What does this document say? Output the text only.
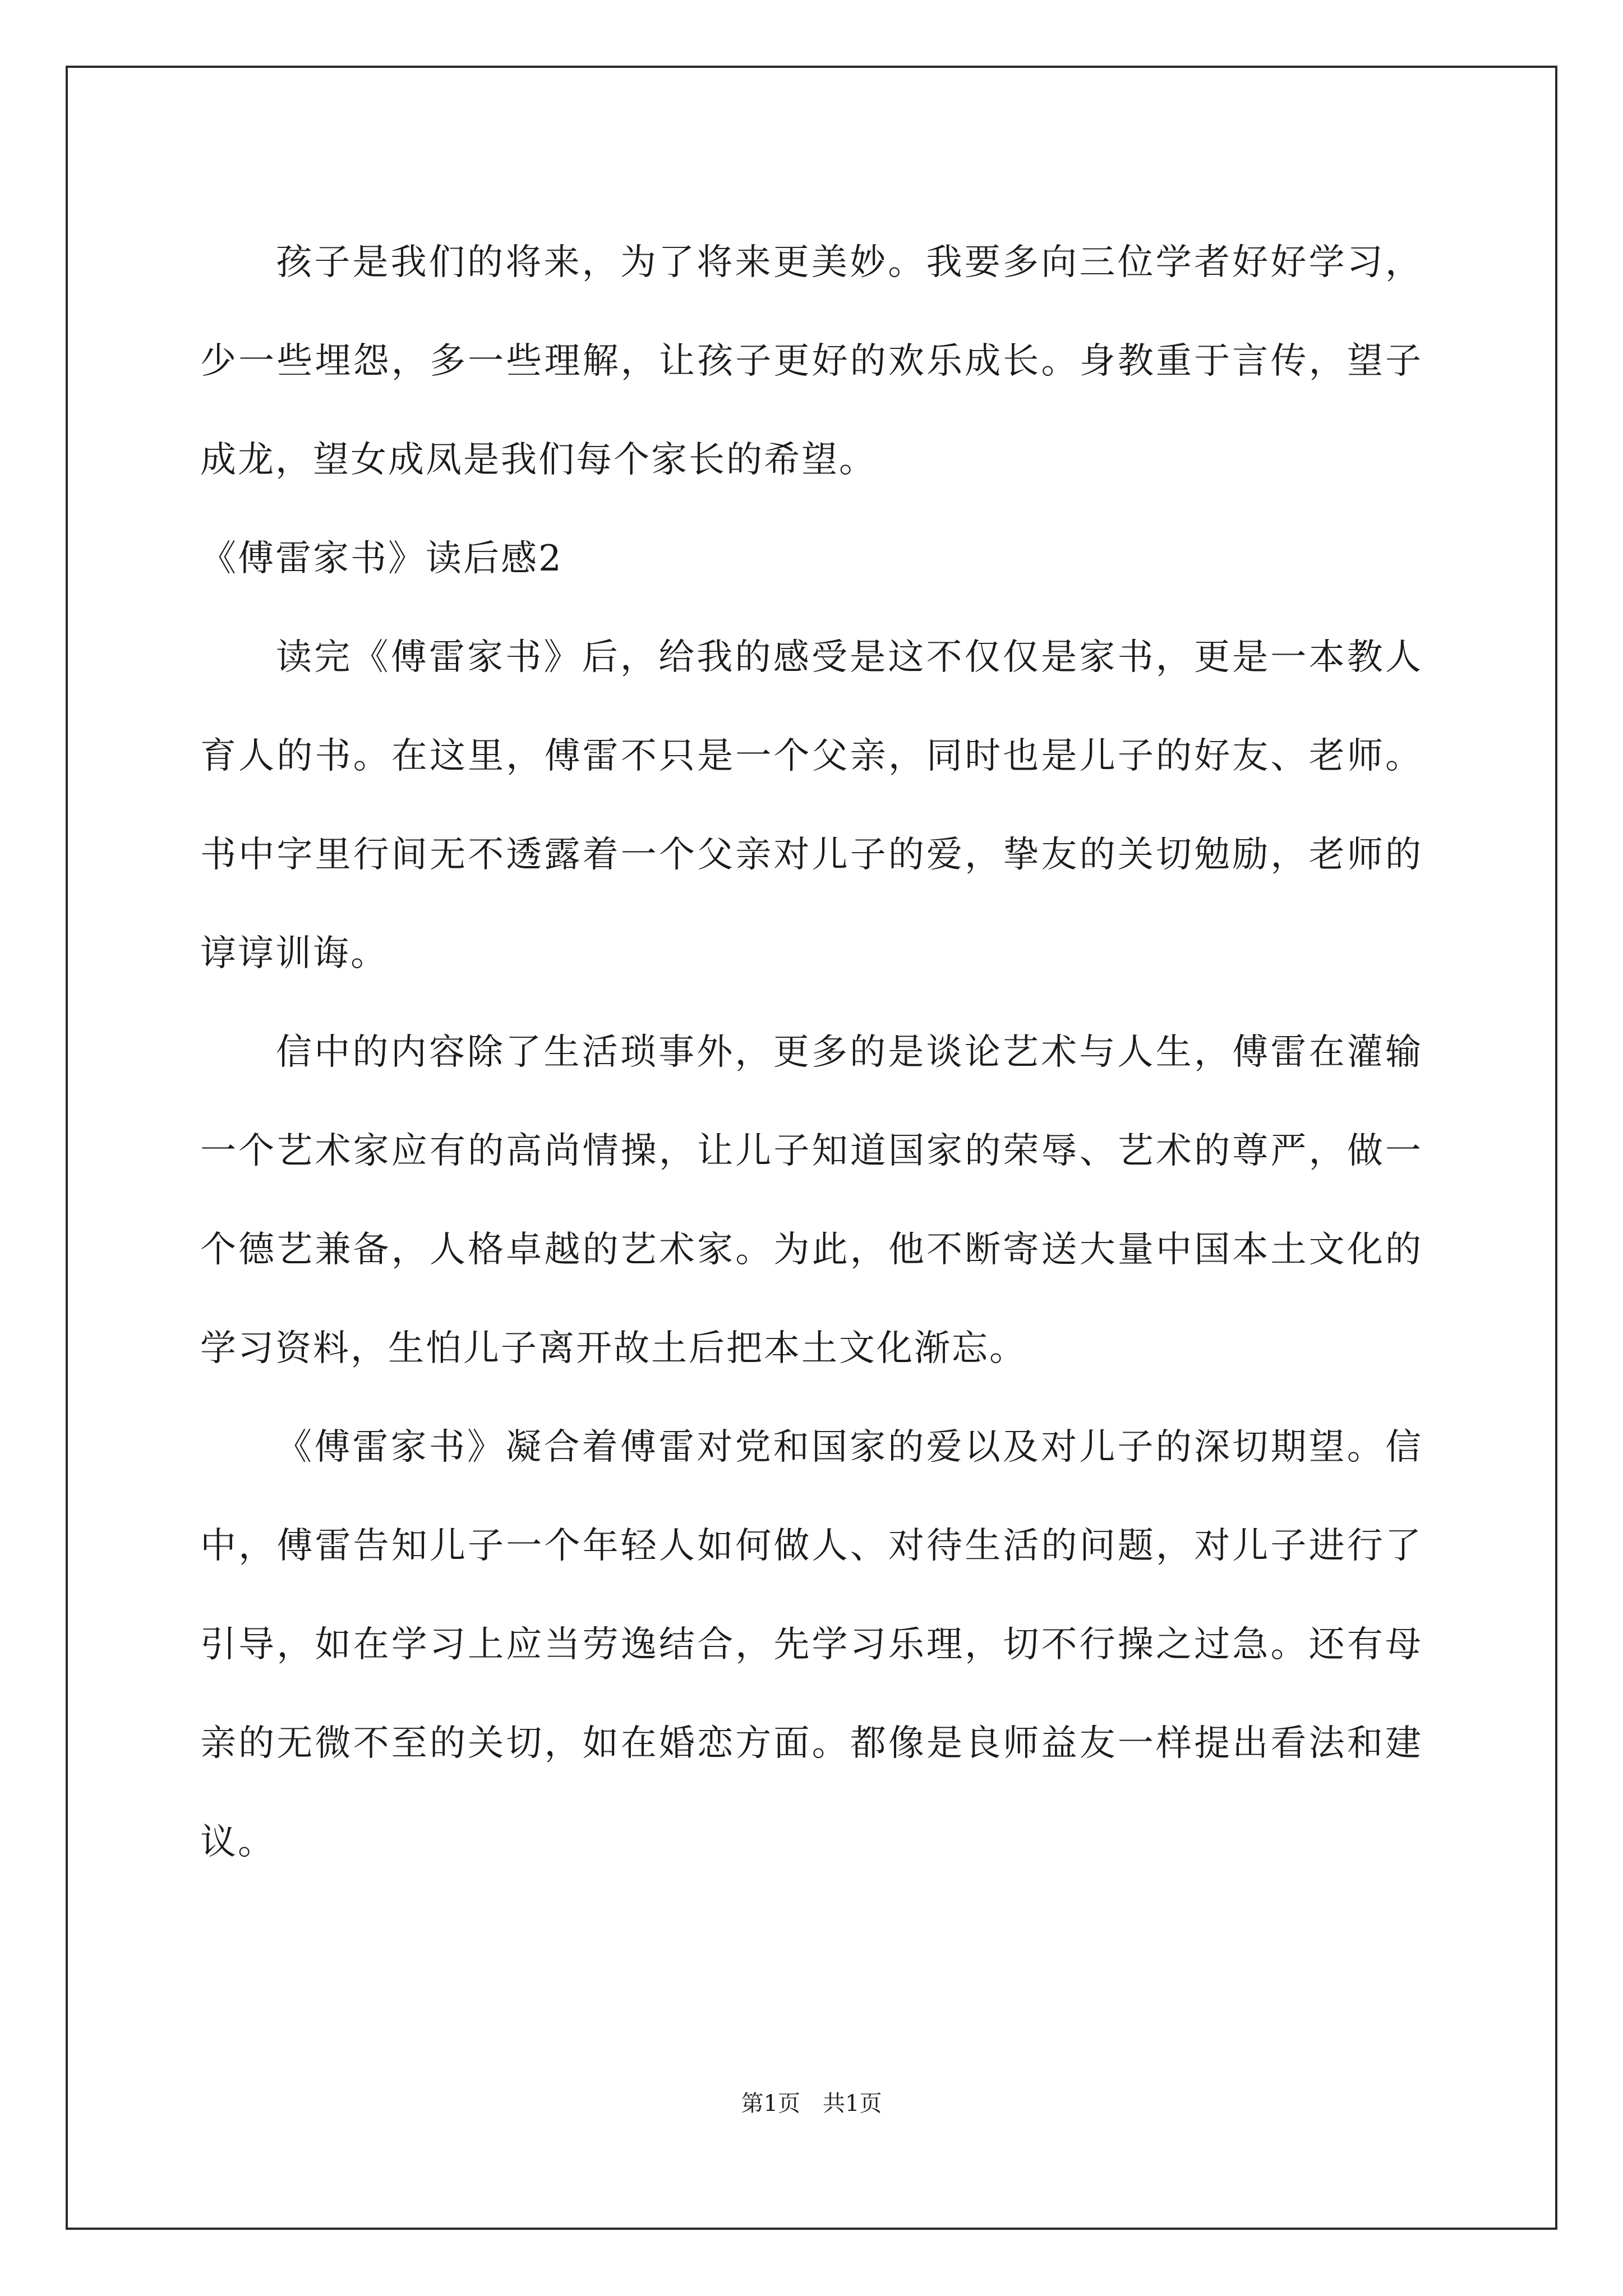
孩子是我们的将来，为了将来更美妙。我要多向三位学者好好学习，少一些埋怨，多一些理解，让孩子更好的欢乐成长。身教重于言传，望子成龙，望女成凤是我们每个家长的希望。

《傅雷家书》读后感2

读完《傅雷家书》后，给我的感受是这不仅仅是家书，更是一本教人育人的书。在这里，傅雷不只是一个父亲，同时也是儿子的好友、老师。书中字里行间无不透露着一个父亲对儿子的爱，挚友的关切勉励，老师的谆谆训诲。

信中的内容除了生活琐事外，更多的是谈论艺术与人生，傅雷在灌输一个艺术家应有的高尚情操，让儿子知道国家的荣辱、艺术的尊严，做一个德艺兼备，人格卓越的艺术家。为此，他不断寄送大量中国本土文化的学习资料，生怕儿子离开故土后把本土文化渐忘。

《傅雷家书》凝合着傅雷对党和国家的爱以及对儿子的深切期望。信中，傅雷告知儿子一个年轻人如何做人、对待生活的问题，对儿子进行了引导，如在学习上应当劳逸结合，先学习乐理，切不行操之过急。还有母亲的无微不至的关切，如在婚恋方面。都像是良师益友一样提出看法和建议。

第1页　共1页
